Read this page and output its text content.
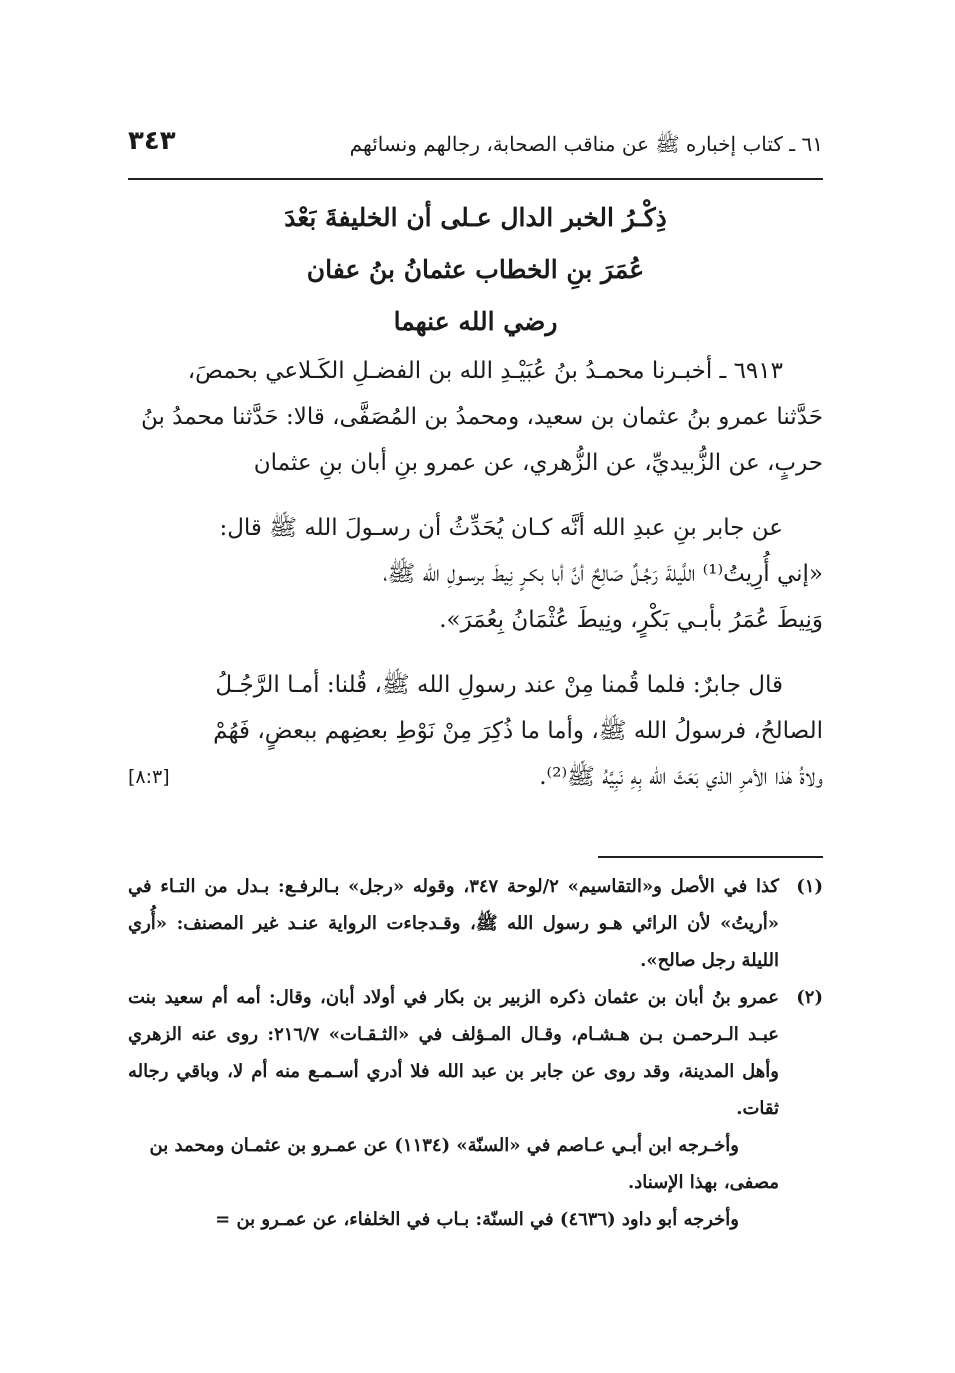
٦١ ـ كتاب إخباره ﷺ عن مناقب الصحابة، رجالهم ونسائهم
٣٤٣
ذِكْـرُ الخبر الدال عـلى أن الخليفةَ بَعْدَ
عُمَرَ بنِ الخطاب عثمانُ بنُ عفان
رضي الله عنهما
٦٩١٣ ـ أخبـرنا محمـدُ بنُ عُبَيْـدِ الله بن الفضـلِ الكَـلاعي بحمصَ،
حَدَّثنا عمرو بنُ عثمان بن سعيد، ومحمدُ بن المُصَفَّى، قالا: حَدَّثنا محمدُ بنُ
حربٍ، عن الزُّبيديِّ، عن الزُّهري، عن عمرو بنِ أبان بنِ عثمان
عن جابر بنِ عبدِ الله أنَّه كـان يُحَدِّثُ أن رسـولَ الله ﷺ قال:
«إني أُرِيتُ⁽¹⁾ اللَّيلةَ رَجُـلٌ صَالِحٌ أنَّ أبا بكـرٍ نِيطَ برسـولِ الله ﷺ،
وَنِيطَ عُمَرُ بأبـي بَكْرٍ، ونِيطَ عُثْمَانُ بِعُمَرَ».
قال جابرٌ: فلما قُمنا مِنْ عند رسولِ الله ﷺ، قُلنا: أمـا الرَّجُـلُ
الصالحُ، فرسولُ الله ﷺ، وأما ما ذُكِرَ مِنْ نَوْطِ بعضِهم ببعضٍ، فَهُمْ
ولاةُ هٰذا الأمرِ الذي بَعَثَ الله بِهِ نَبِيَّهُ ﷺ⁽²⁾.
[٨:٣]
(١)
كذا في الأصل و«التقاسيم» ٢/لوحة ٣٤٧، وقوله «رجل» بـالرفـع: بـدل من التـاء في «أريتُ» لأن الرائي هـو رسول الله ﷺ، وقـدجاءت الرواية عنـد غير المصنف: «أُري الليلة رجل صالح».
(٢)
عمرو بنُ أبان بن عثمان ذكره الزبير بن بكار في أولاد أبان، وقال: أمه أم سعيد بنت عبـد الـرحمـن بـن هـشـام، وقـال المـؤلف في «الثـقـات» ٢١٦/٧: روى عنه الزهري وأهل المدينة، وقد روى عن جابر بن عبد الله فلا أدري أسـمـع منه أم لا، وباقي رجاله ثقات.
وأخـرجه ابن أبـي عـاصم في «السنّة» (١١٣٤) عن عمـرو بن عثمـان ومحمد بن مصفى، بهذا الإسناد.
وأخرجه أبو داود (٤٦٣٦) في السنّة: بـاب في الخلفاء، عن عمـرو بن =
